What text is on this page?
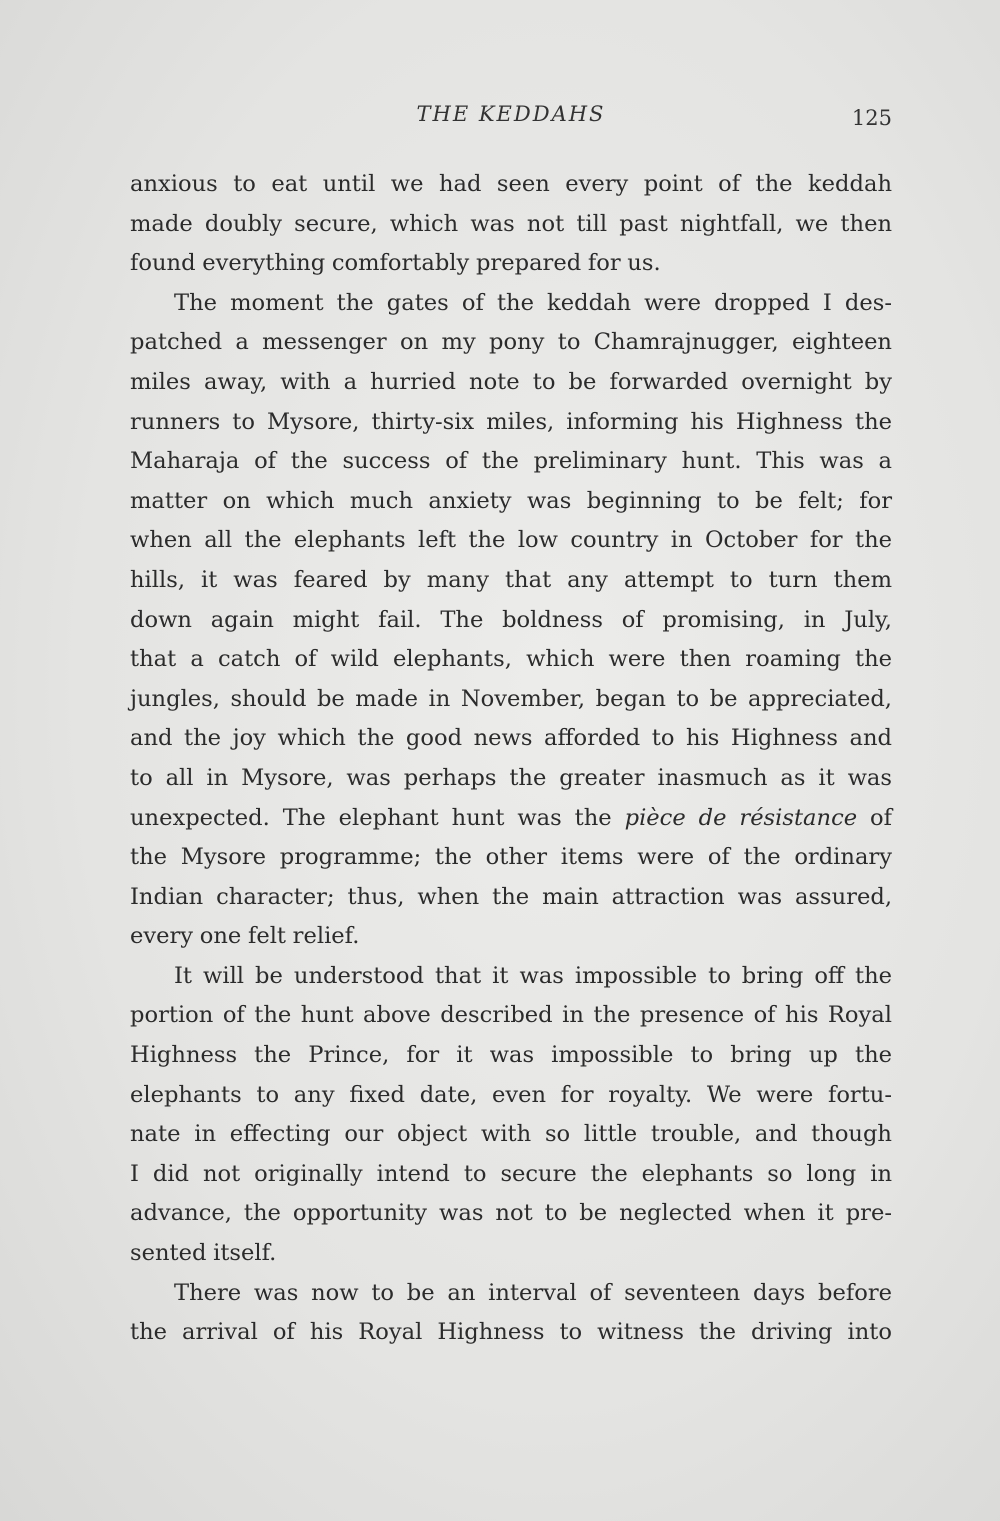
THE KEDDAHS	125
anxious to eat until we had seen every point of the keddah
made doubly secure, which was not till past nightfall, we then
found everything comfortably prepared for us.
The moment the gates of the keddah were dropped I des-
patched a messenger on my pony to Chamrajnugger, eighteen
miles away, with a hurried note to be forwarded overnight by
runners to Mysore, thirty-six miles, informing his Highness the
Maharaja of the success of the preliminary hunt. This was a
matter on which much anxiety was beginning to be felt; for
when all the elephants left the low country in October for the
hills, it was feared by many that any attempt to turn them
down again might fail. The boldness of promising, in July,
that a catch of wild elephants, which were then roaming the
jungles, should be made in November, began to be appreciated,
and the joy which the good news afforded to his Highness and
to all in Mysore, was perhaps the greater inasmuch as it was
unexpected. The elephant hunt was the pièce de résistance of
the Mysore programme; the other items were of the ordinary
Indian character; thus, when the main attraction was assured,
every one felt relief.
It will be understood that it was impossible to bring off the
portion of the hunt above described in the presence of his Royal
Highness the Prince, for it was impossible to bring up the
elephants to any fixed date, even for royalty. We were fortu-
nate in effecting our object with so little trouble, and though
I did not originally intend to secure the elephants so long in
advance, the opportunity was not to be neglected when it pre-
sented itself.
There was now to be an interval of seventeen days before
the arrival of his Royal Highness to witness the driving into
